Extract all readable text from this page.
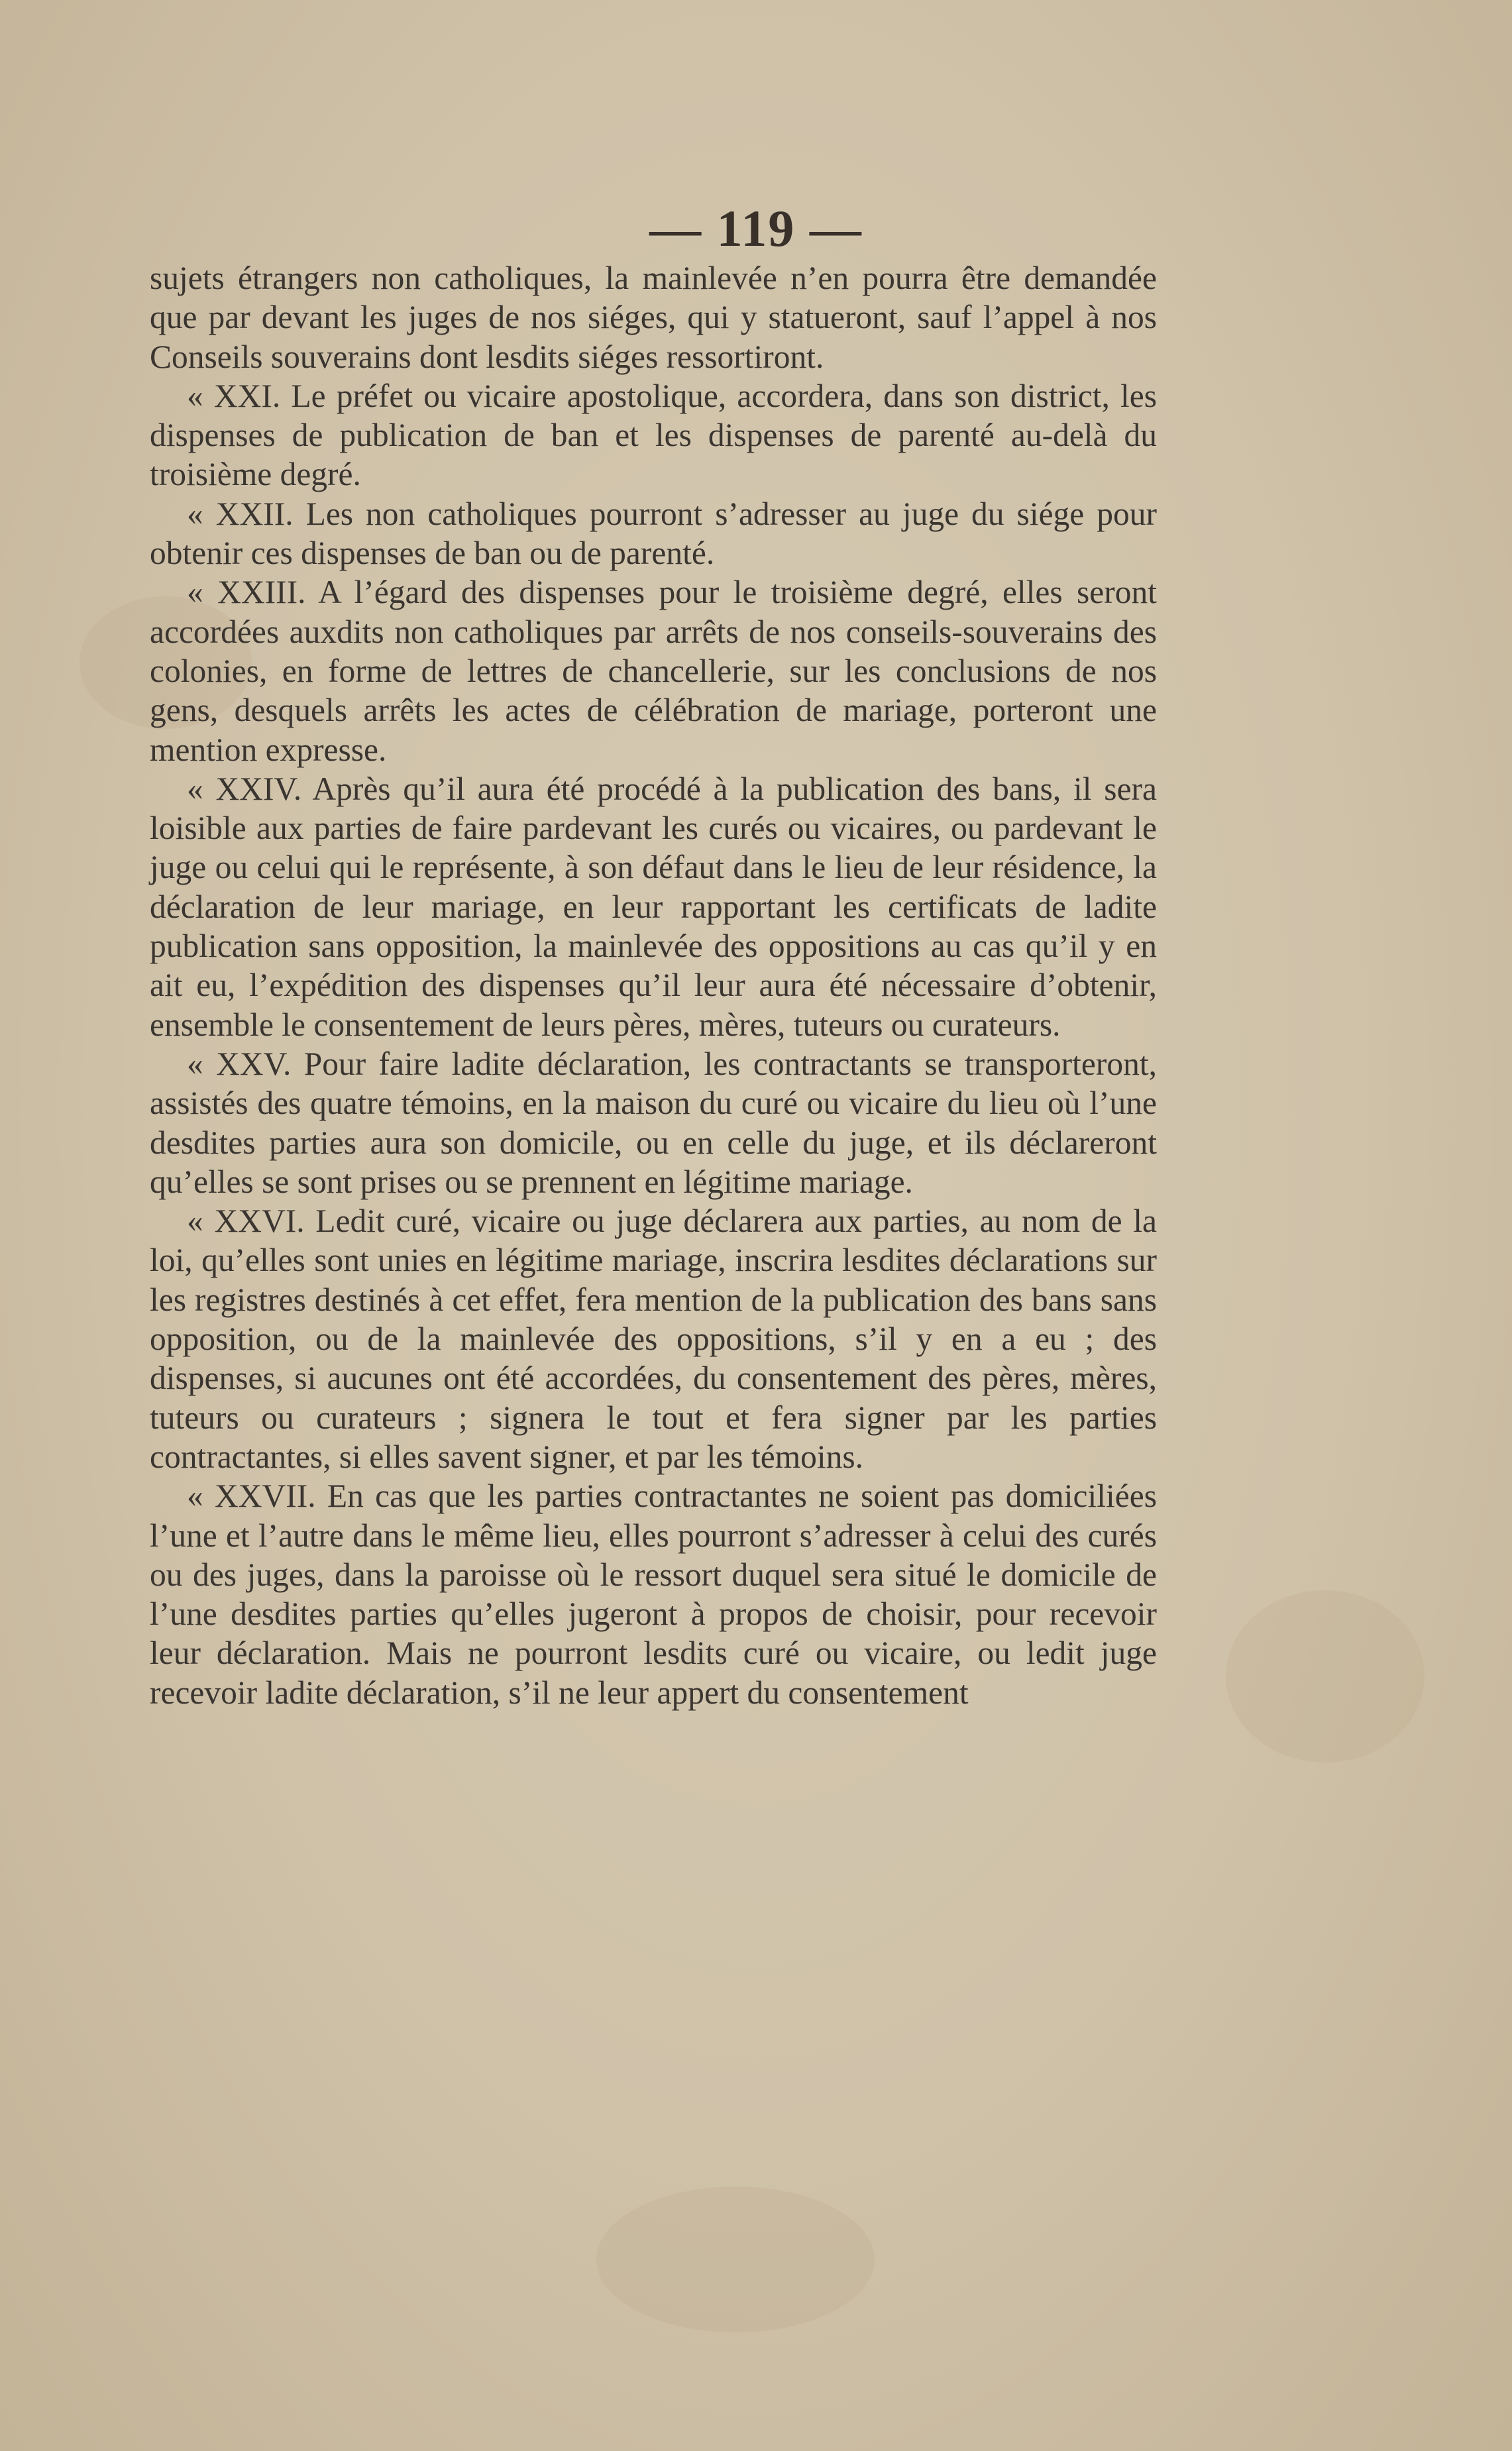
— 119 —

sujets étrangers non catholiques, la mainlevée n’en pourra être demandée que par devant les juges de nos siéges, qui y statueront, sauf l’appel à nos Conseils souverains dont lesdits siéges ressortiront.

« XXI. Le préfet ou vicaire apostolique, accordera, dans son district, les dispenses de publication de ban et les dispenses de parenté au-delà du troisième degré.

« XXII. Les non catholiques pourront s’adresser au juge du siége pour obtenir ces dispenses de ban ou de parenté.

« XXIII. A l’égard des dispenses pour le troisième degré, elles seront accordées auxdits non catholiques par arrêts de nos conseils-souverains des colonies, en forme de lettres de chancellerie, sur les conclusions de nos gens, desquels arrêts les actes de célébration de mariage, porteront une mention expresse.

« XXIV. Après qu’il aura été procédé à la publication des bans, il sera loisible aux parties de faire pardevant les curés ou vicaires, ou pardevant le juge ou celui qui le représente, à son défaut dans le lieu de leur résidence, la déclaration de leur mariage, en leur rapportant les certificats de ladite publication sans opposition, la mainlevée des oppositions au cas qu’il y en ait eu, l’expédition des dispenses qu’il leur aura été nécessaire d’obtenir, ensemble le consentement de leurs pères, mères, tuteurs ou curateurs.

« XXV. Pour faire ladite déclaration, les contractants se transporteront, assistés des quatre témoins, en la maison du curé ou vicaire du lieu où l’une desdites parties aura son domicile, ou en celle du juge, et ils déclareront qu’elles se sont prises ou se prennent en légitime mariage.

« XXVI. Ledit curé, vicaire ou juge déclarera aux parties, au nom de la loi, qu’elles sont unies en légitime mariage, inscrira lesdites déclarations sur les registres destinés à cet effet, fera mention de la publication des bans sans opposition, ou de la mainlevée des oppositions, s’il y en a eu ; des dispenses, si aucunes ont été accordées, du consentement des pères, mères, tuteurs ou curateurs ; signera le tout et fera signer par les parties contractantes, si elles savent signer, et par les témoins.

« XXVII. En cas que les parties contractantes ne soient pas domiciliées l’une et l’autre dans le même lieu, elles pourront s’adresser à celui des curés ou des juges, dans la paroisse où le ressort duquel sera situé le domicile de l’une desdites parties qu’elles jugeront à propos de choisir, pour recevoir leur déclaration. Mais ne pourront lesdits curé ou vicaire, ou ledit juge recevoir ladite déclaration, s’il ne leur appert du consentement
